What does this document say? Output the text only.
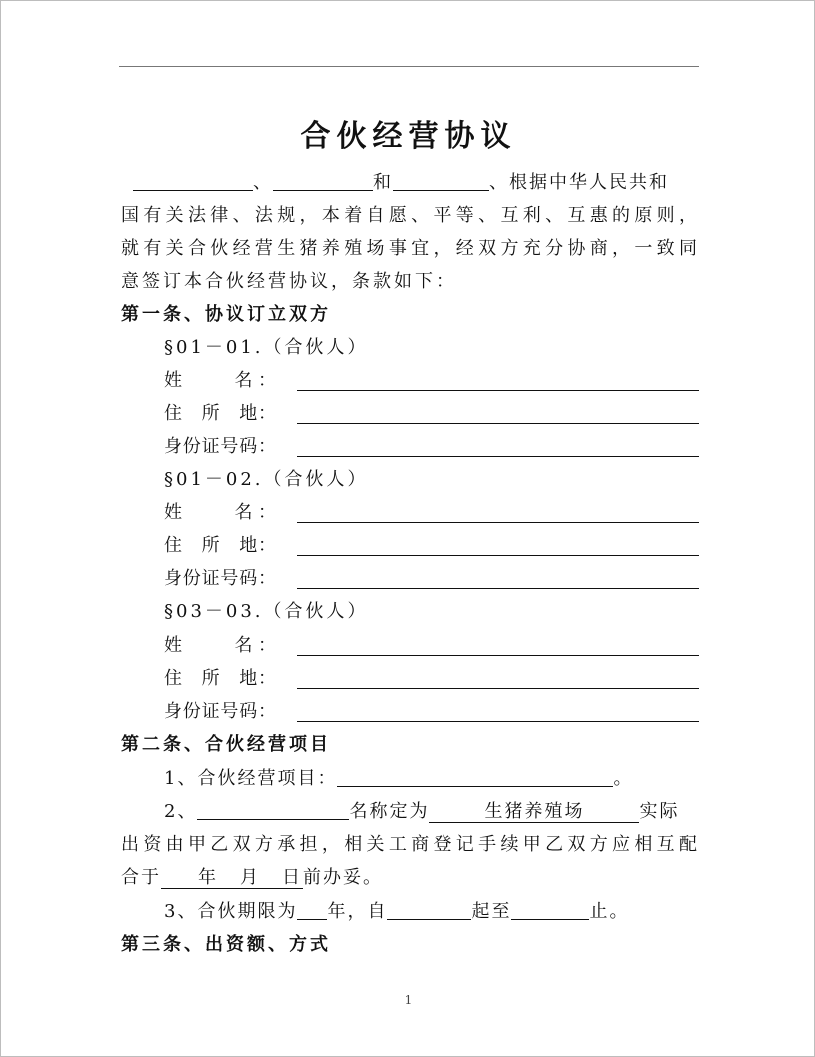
合伙经营协议
、	和	、根据中华人民共和
国有关法律、法规，本着自愿、平等、互利、互惠的原则，
就有关合伙经营生猪养殖场事宜，经双方充分协商，一致同
意签订本合伙经营协议，条款如下：
第一条、协议订立双方
§01－01.（合伙人）
姓　　名：
住　所　地：
身份证号码：
§01－02.（合伙人）
姓　　名：
住　所　地：
身份证号码：
§03－03.（合伙人）
姓　　名：
住　所　地：
身份证号码：
第二条、合伙经营项目
1、合伙经营项目：	。
2、	名称定为	生猪养殖场	实际
出资由甲乙双方承担，相关工商登记手续甲乙双方应相互配
合于 年 月 日 前办妥。
3、合伙期限为 年，自	起至	止。
第三条、出资额、方式
1
